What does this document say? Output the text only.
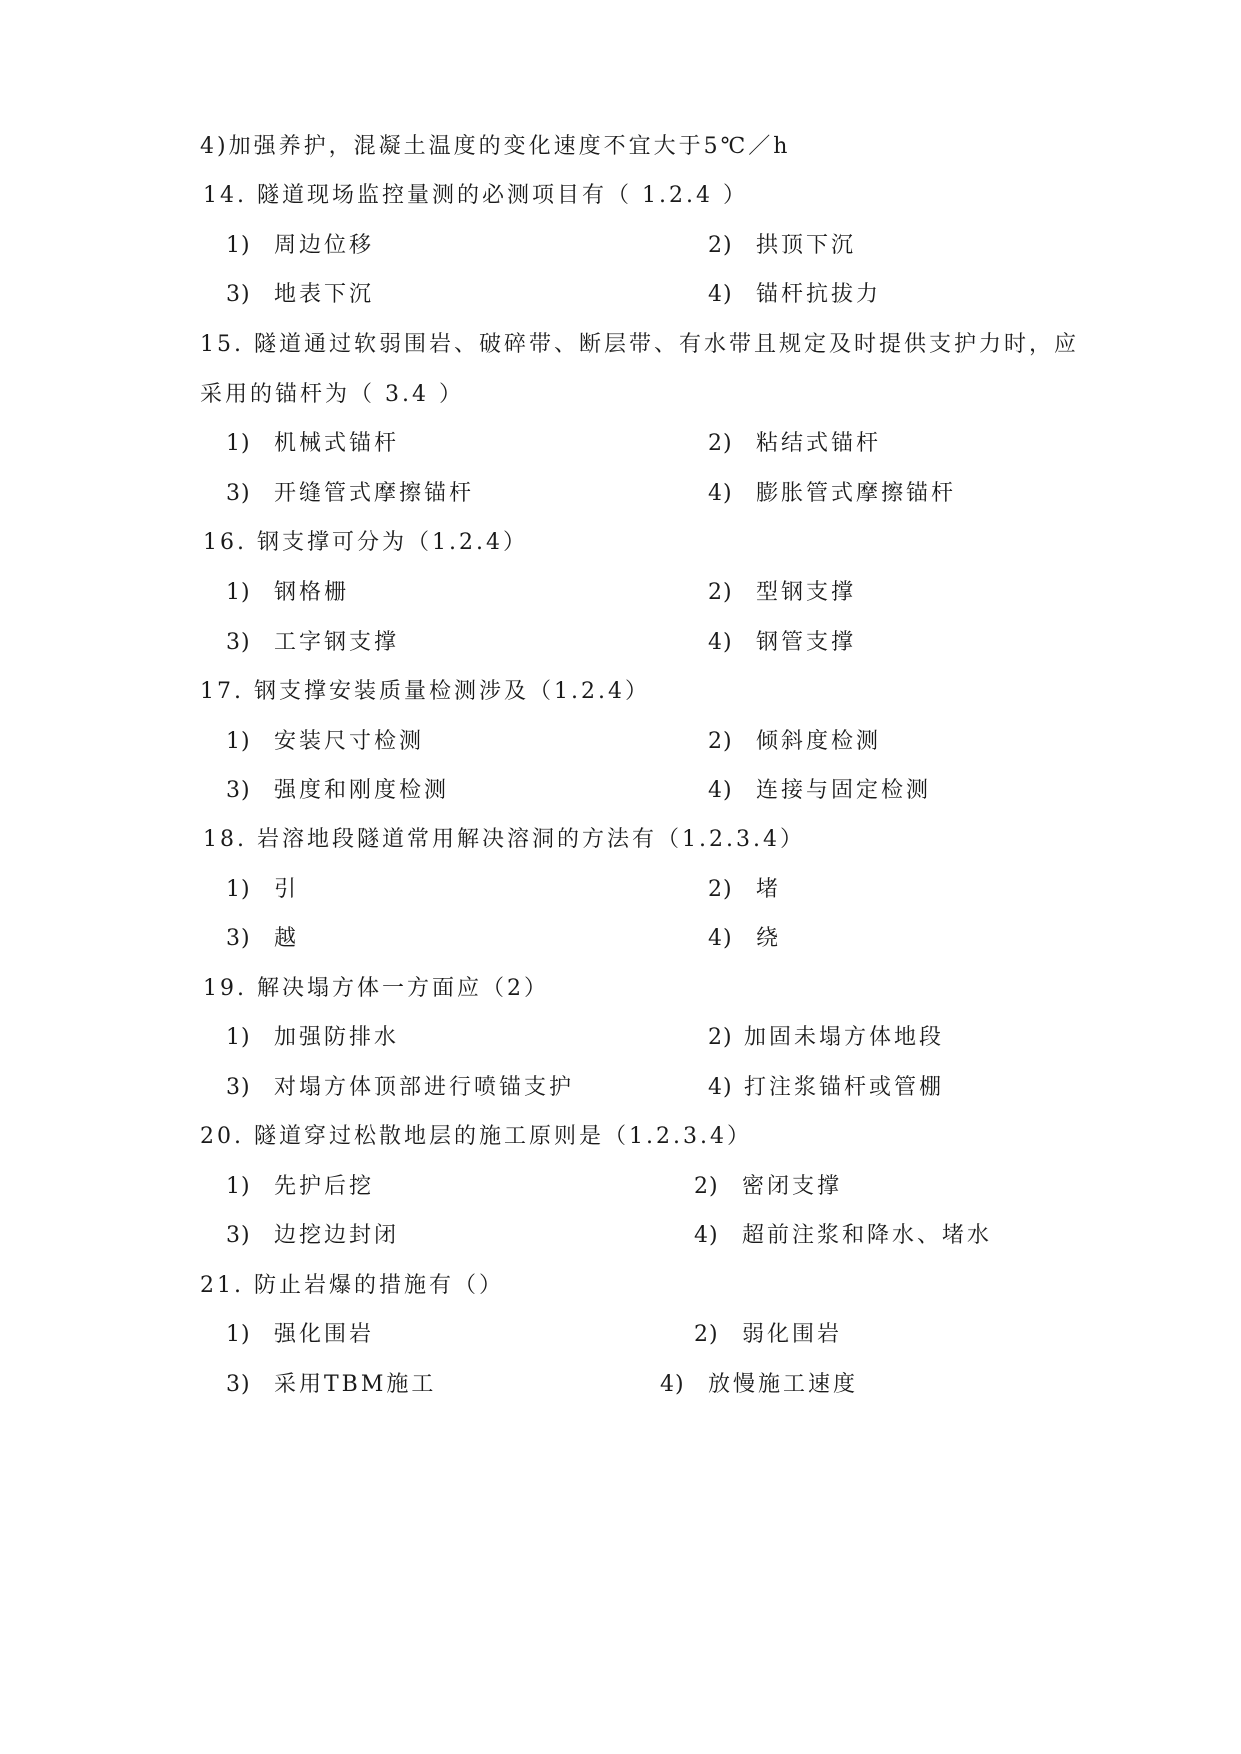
4)加强养护，混凝土温度的变化速度不宜大于5℃／h
14. 隧道现场监控量测的必测项目有（ 1.2.4 ）
1) 周边位移	2) 拱顶下沉
3) 地表下沉	4) 锚杆抗拔力
15. 隧道通过软弱围岩、破碎带、断层带、有水带且规定及时提供支护力时，应
采用的锚杆为（ 3.4 ）
1) 机械式锚杆	2) 粘结式锚杆
3) 开缝管式摩擦锚杆	4) 膨胀管式摩擦锚杆
16. 钢支撑可分为（1.2.4）
1) 钢格栅	2) 型钢支撑
3) 工字钢支撑	4) 钢管支撑
17. 钢支撑安装质量检测涉及（1.2.4）
1) 安装尺寸检测	2) 倾斜度检测
3) 强度和刚度检测	4) 连接与固定检测
18. 岩溶地段隧道常用解决溶洞的方法有（1.2.3.4）
1) 引	2) 堵
3) 越	4) 绕
19. 解决塌方体一方面应（2）
1) 加强防排水	2) 加固未塌方体地段
3) 对塌方体顶部进行喷锚支护	4) 打注浆锚杆或管棚
20. 隧道穿过松散地层的施工原则是（1.2.3.4）
1) 先护后挖	2) 密闭支撑
3) 边挖边封闭	4) 超前注浆和降水、堵水
21. 防止岩爆的措施有（）
1) 强化围岩	2) 弱化围岩
3) 采用TBM施工	4) 放慢施工速度
